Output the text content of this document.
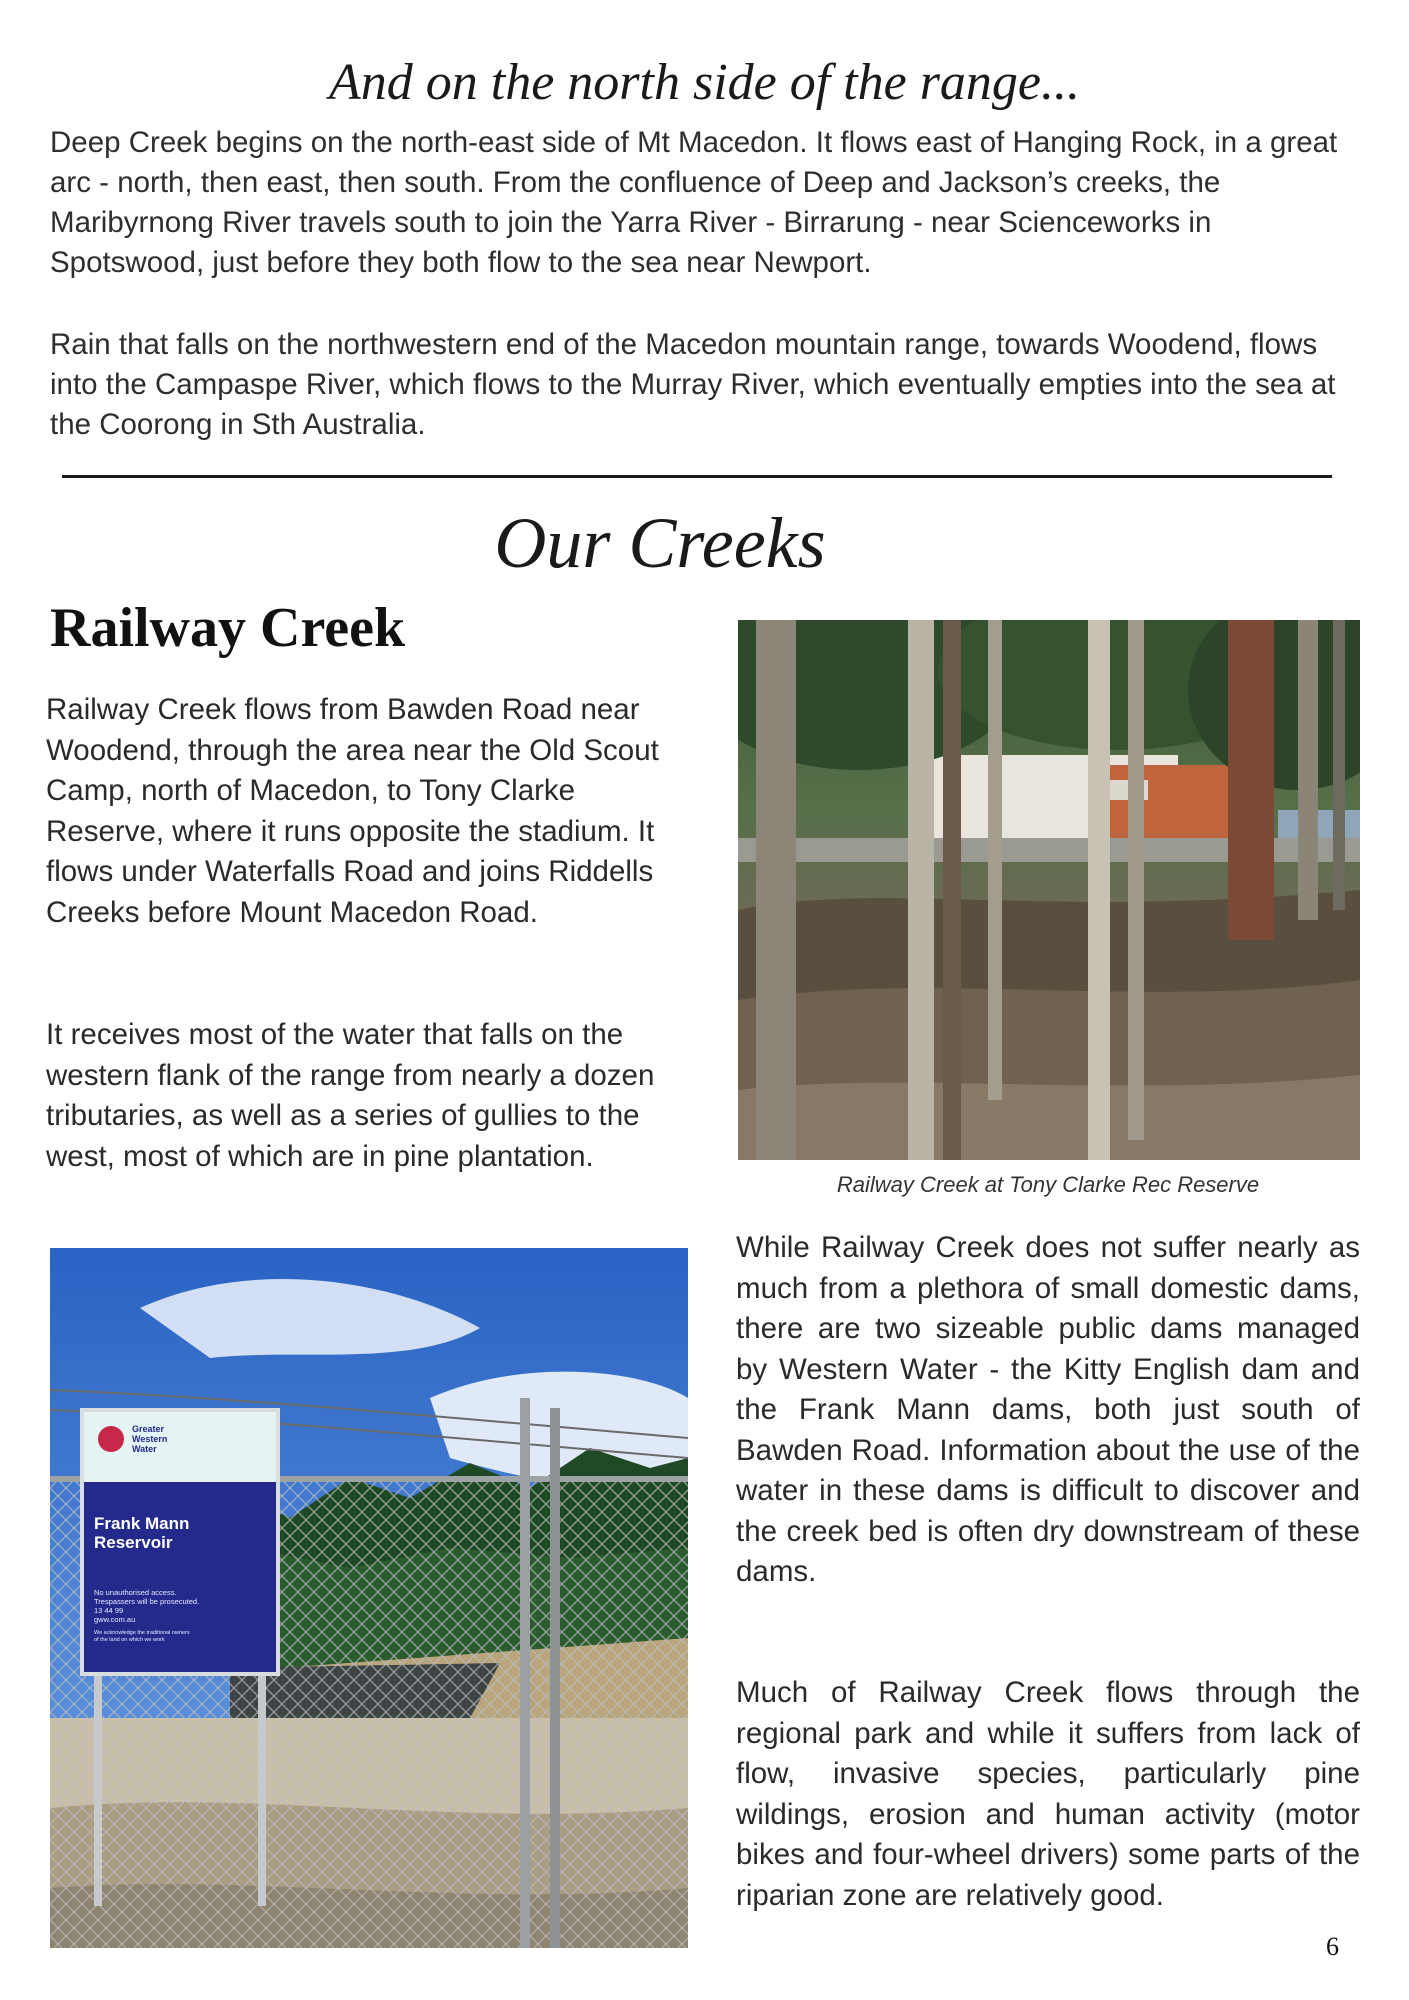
And on the north side of the range...

Deep Creek begins on the north-east side of Mt Macedon. It flows east of Hanging Rock, in a great arc - north, then east, then south. From the confluence of Deep and Jackson’s creeks, the Maribyrnong River travels south to join the Yarra River - Birrarung - near Scienceworks in Spotswood, just before they both flow to the sea near Newport.

Rain that falls on the northwestern end of the Macedon mountain range, towards Woodend, flows into the Campaspe River, which flows to the Murray River, which eventually empties into the sea at the Coorong in Sth Australia.

Our Creeks
Railway Creek

Railway Creek flows from Bawden Road near Woodend, through the area near the Old Scout Camp, north of Macedon, to Tony Clarke Reserve, where it runs opposite the stadium. It flows under Waterfalls Road and joins Riddells Creeks before Mount Macedon Road.

It receives most of the water that falls on the western flank of the range from nearly a dozen tributaries, as well as a series of gullies to the west, most of which are in pine plantation.

Railway Creek at Tony Clarke Rec Reserve

While Railway Creek does not suffer nearly as much from a plethora of small domestic dams, there are two sizeable public dams managed by Western Water - the Kitty English dam and the Frank Mann dams, both just south of Bawden Road. Information about the use of the water in these dams is difficult to discover and the creek bed is often dry downstream of these dams.

Much of Railway Creek flows through the regional park and while it suffers from lack of flow, invasive species, particularly pine wildings, erosion and human activity (motor bikes and four-wheel drivers) some parts of the riparian zone are relatively good.

Greater
Western
Water
Frank Mann
Reservoir
No unauthorised access.
Trespassers will be prosecuted.
13 44 99
gww.com.au
We acknowledge the traditional owners
of the land on which we work
6
